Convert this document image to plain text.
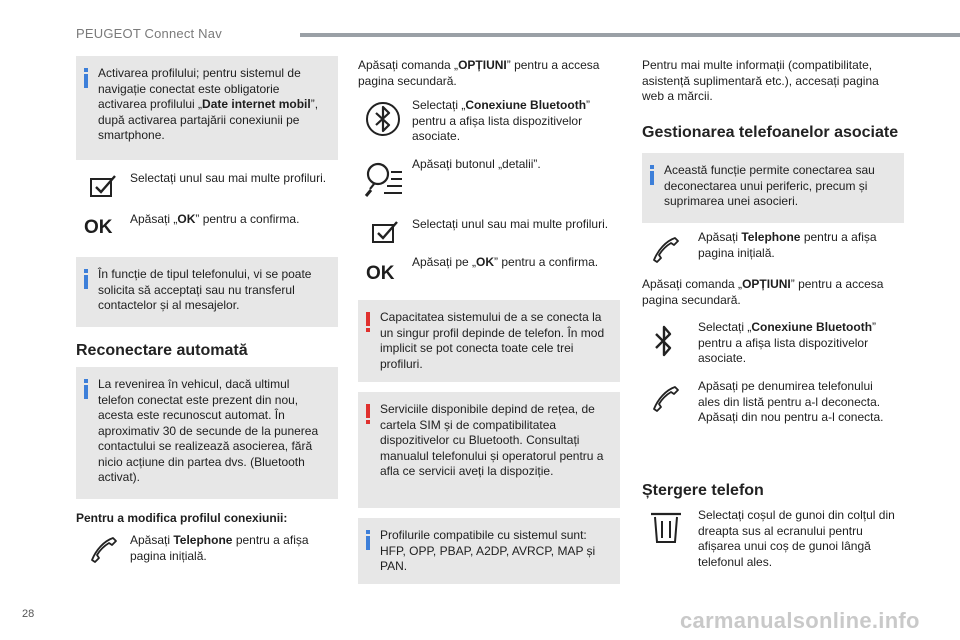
PEUGEOT Connect Nav
Activarea profilului; pentru sistemul de navigație conectat este obligatorie activarea profilului „Date internet mobil”, după activarea partajării conexiunii pe smartphone.
Selectați unul sau mai multe profiluri.
OK	Apăsați „OK” pentru a confirma.
În funcție de tipul telefonului, vi se poate solicita să acceptați sau nu transferul contactelor și al mesajelor.
Reconectare automată
La revenirea în vehicul, dacă ultimul telefon conectat este prezent din nou, acesta este recunoscut automat. În aproximativ 30 de secunde de la punerea contactului se realizează asocierea, fără nicio acțiune din partea dvs. (Bluetooth activat).
Pentru a modifica profilul conexiunii:
Apăsați Telephone pentru a afișa pagina inițială.
Apăsați comanda „OPȚIUNI” pentru a accesa pagina secundară.
Selectați „Conexiune Bluetooth” pentru a afișa lista dispozitivelor asociate.
Apăsați butonul „detalii”.
Selectați unul sau mai multe profiluri.
OK
Apăsați pe „OK” pentru a confirma.
Capacitatea sistemului de a se conecta la un singur profil depinde de telefon. În mod implicit se pot conecta toate cele trei profiluri.
Serviciile disponibile depind de rețea, de cartela SIM și de compatibilitatea dispozitivelor cu Bluetooth. Consultați manualul telefonului și operatorul pentru a afla ce servicii aveți la dispoziție.
Profilurile compatibile cu sistemul sunt: HFP, OPP, PBAP, A2DP, AVRCP, MAP și PAN.
Pentru mai multe informații (compatibilitate, asistență suplimentară etc.), accesați pagina web a mărcii.
Gestionarea telefoanelor asociate
Această funcție permite conectarea sau deconectarea unui periferic, precum și suprimarea unei asocieri.
Apăsați Telephone pentru a afișa pagina inițială.
Apăsați comanda „OPȚIUNI” pentru a accesa pagina secundară.
Selectați „Conexiune Bluetooth” pentru a afișa lista dispozitivelor asociate.
Apăsați pe denumirea telefonului ales din listă pentru a-l deconecta. Apăsați din nou pentru a-l conecta.
Ștergere telefon
Selectați coșul de gunoi din colțul din dreapta sus al ecranului pentru afișarea unui coș de gunoi lângă telefonul ales.
28	carmanualsonline.info
